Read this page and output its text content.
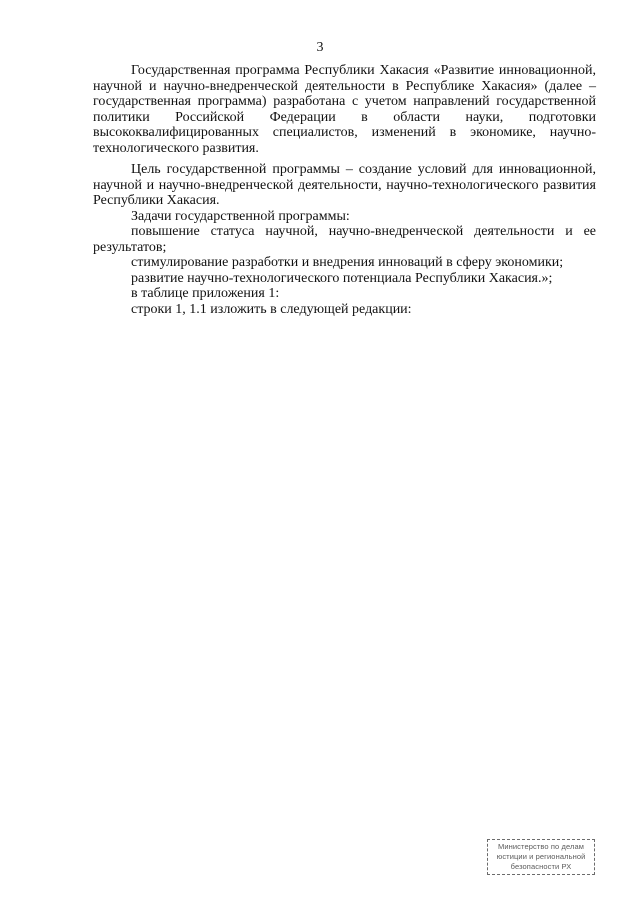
3

Государственная программа Республики Хакасия «Развитие инновационной, научной и научно-внедренческой деятельности в Республике Хакасия» (далее – государственная программа) разработана с учетом направлений государственной политики Российской Федерации в области науки, подготовки высококвалифицированных специалистов, изменений в экономике, научно-технологического развития.

Цель государственной программы – создание условий для инновационной, научной и научно-внедренческой деятельности, научно-технологического развития Республики Хакасия.

Задачи государственной программы:

повышение статуса научной, научно-внедренческой деятельности и ее результатов;

стимулирование разработки и внедрения инноваций в сферу экономики;

развитие научно-технологического потенциала Республики Хакасия.»;

в таблице приложения 1:

строки 1, 1.1 изложить в следующей редакции:

Министерство по делам
юстиции и региональной
безопасности РХ
